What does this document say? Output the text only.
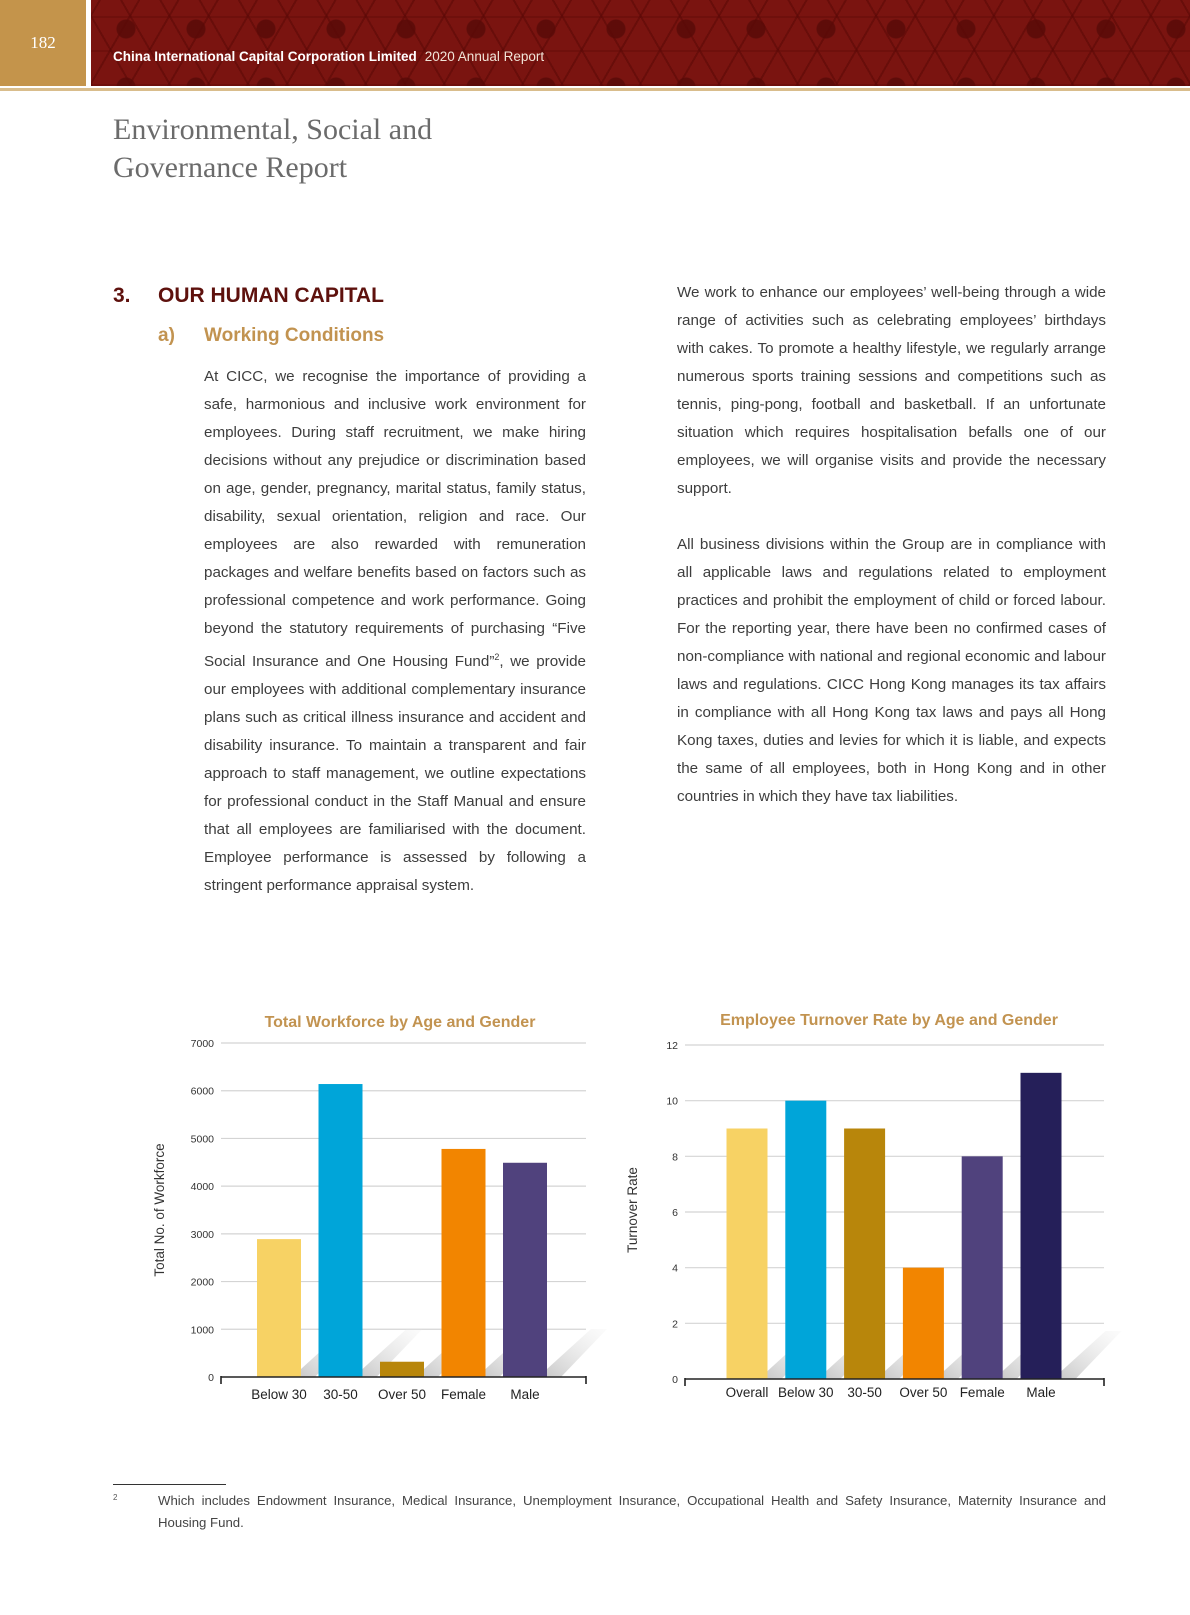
182
China International Capital Corporation Limited 2020 Annual Report
Environmental, Social and
Governance Report
3. OUR HUMAN CAPITAL
a) Working Conditions

At CICC, we recognise the importance of providing a safe, harmonious and inclusive work environment for employees. During staff recruitment, we make hiring decisions without any prejudice or discrimination based on age, gender, pregnancy, marital status, family status, disability, sexual orientation, religion and race. Our employees are also rewarded with remuneration packages and welfare benefits based on factors such as professional competence and work performance. Going beyond the statutory requirements of purchasing “Five Social Insurance and One Housing Fund”$^2$, we provide our employees with additional complementary insurance plans such as critical illness insurance and accident and disability insurance. To maintain a transparent and fair approach to staff management, we outline expectations for professional conduct in the Staff Manual and ensure that all employees are familiarised with the document. Employee performance is assessed by following a stringent performance appraisal system.

We work to enhance our employees’ well-being through a wide range of activities such as celebrating employees’ birthdays with cakes. To promote a healthy lifestyle, we regularly arrange numerous sports training sessions and competitions such as tennis, ping-pong, football and basketball. If an unfortunate situation which requires hospitalisation befalls one of our employees, we will organise visits and provide the necessary support.

All business divisions within the Group are in compliance with all applicable laws and regulations related to employment practices and prohibit the employment of child or forced labour. For the reporting year, there have been no confirmed cases of non-compliance with national and regional economic and labour laws and regulations. CICC Hong Kong manages its tax affairs in compliance with all Hong Kong tax laws and pays all Hong Kong taxes, duties and levies for which it is liable, and expects the same of all employees, both in Hong Kong and in other countries in which they have tax liabilities.

Total Workforce by Age and Gender
Total No. of Workforce
0
1000
2000
3000
4000
5000
6000
7000
Below 30 30-50 Over 50 Female Male
Employee Turnover Rate by Age and Gender
Turnover Rate
0
2
4
6
8
10
12
Overall Below 30 30-50 Over 50 Female Male
2	Which includes Endowment Insurance, Medical Insurance, Unemployment Insurance, Occupational Health and Safety Insurance, Maternity Insurance and Housing Fund.
